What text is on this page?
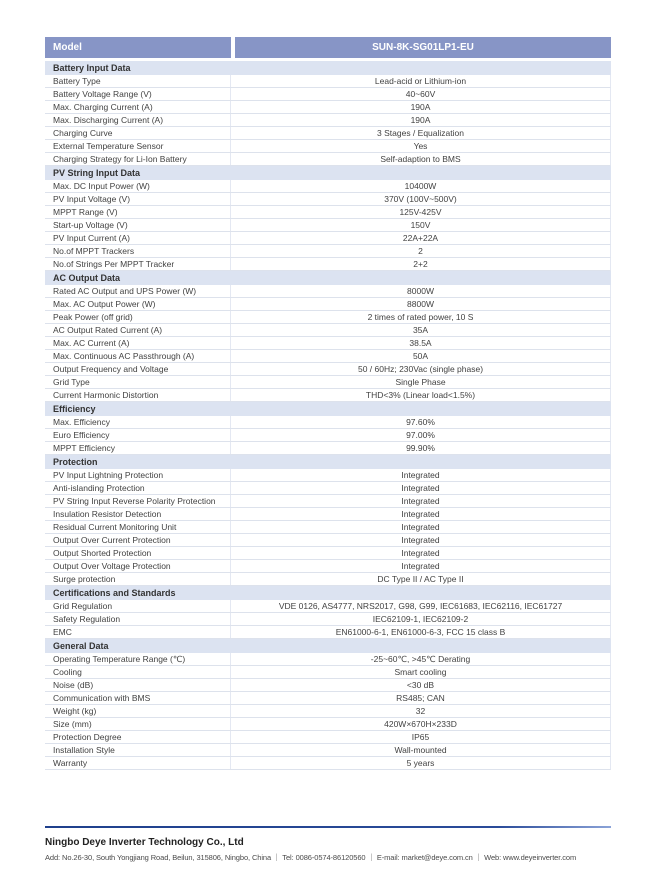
Model	SUN-8K-SG01LP1-EU
Battery Input Data
Battery Type	Lead-acid or Lithium-ion
Battery Voltage Range (V)	40~60V
Max. Charging Current (A)	190A
Max. Discharging Current (A)	190A
Charging Curve	3 Stages / Equalization
External Temperature Sensor	Yes
Charging Strategy for Li-Ion Battery	Self-adaption to BMS
PV String Input Data
Max. DC Input Power (W)	10400W
PV Input Voltage (V)	370V (100V~500V)
MPPT Range (V)	125V-425V
Start-up Voltage (V)	150V
PV Input Current (A)	22A+22A
No.of MPPT Trackers	2
No.of Strings Per MPPT Tracker	2+2
AC Output Data
Rated AC Output and UPS Power (W)	8000W
Max. AC Output Power (W)	8800W
Peak Power (off grid)	2 times of rated power, 10 S
AC Output Rated Current (A)	35A
Max. AC Current (A)	38.5A
Max. Continuous AC Passthrough (A)	50A
Output Frequency and Voltage	50 / 60Hz; 230Vac (single phase)
Grid Type	Single Phase
Current Harmonic Distortion	THD<3% (Linear load<1.5%)
Efficiency
Max. Efficiency	97.60%
Euro Efficiency	97.00%
MPPT Efficiency	99.90%
Protection
PV Input Lightning Protection	Integrated
Anti-islanding Protection	Integrated
PV String Input Reverse Polarity Protection	Integrated
Insulation Resistor Detection	Integrated
Residual Current Monitoring Unit	Integrated
Output Over Current Protection	Integrated
Output Shorted Protection	Integrated
Output Over Voltage Protection	Integrated
Surge protection	DC Type II / AC Type II
Certifications and Standards
Grid Regulation	VDE 0126, AS4777, NRS2017, G98, G99, IEC61683, IEC62116, IEC61727
Safety Regulation	IEC62109-1, IEC62109-2
EMC	EN61000-6-1, EN61000-6-3, FCC 15 class B
General Data
Operating Temperature Range (℃)	-25~60℃, >45℃ Derating
Cooling	Smart cooling
Noise (dB)	<30 dB
Communication with BMS	RS485; CAN
Weight (kg)	32
Size (mm)	420W×670H×233D
Protection Degree	IP65
Installation Style	Wall-mounted
Warranty	5 years
Ningbo Deye Inverter Technology Co., Ltd
Add: No.26-30, South Yongjiang Road, Beilun, 315806, Ningbo, China ｜ Tel: 0086-0574-86120560 ｜ E-mail: market@deye.com.cn ｜ Web: www.deyeinverter.com
